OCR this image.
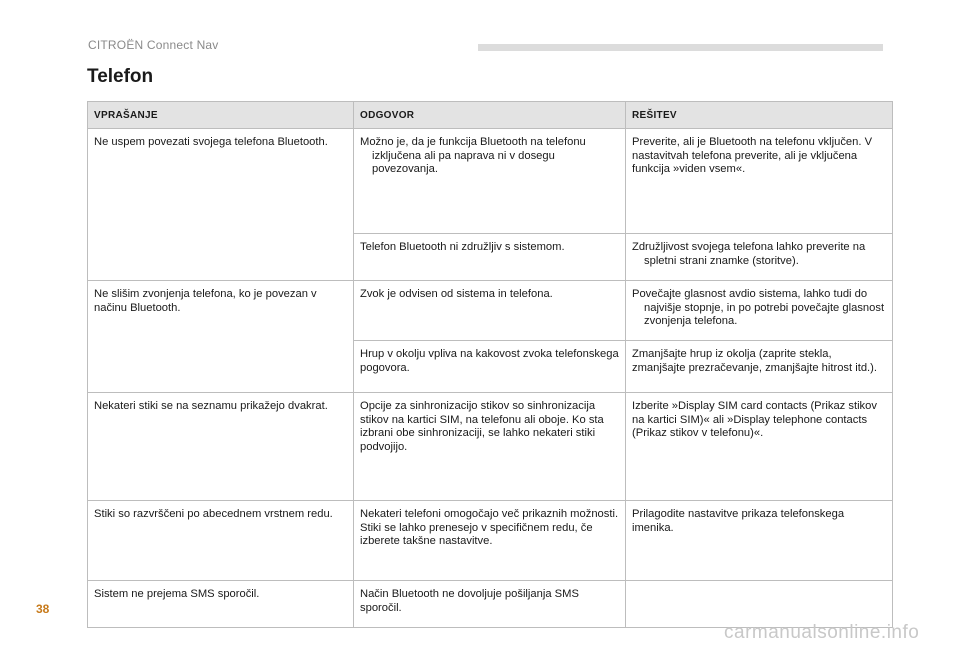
CITROËN Connect Nav
Telefon
VPRAŠANJE	ODGOVOR	REŠITEV
Ne uspem povezati svojega telefona Bluetooth.	Možno je, da je funkcija Bluetooth na telefonu izključena ali pa naprava ni v dosegu povezovanja.	Preverite, ali je Bluetooth na telefonu vključen. V nastavitvah telefona preverite, ali je vključena funkcija »viden vsem«.

	Telefon Bluetooth ni združljiv s sistemom.	Združljivost svojega telefona lahko preverite na spletni strani znamke (storitve).

Ne slišim zvonjenja telefona, ko je povezan v načinu Bluetooth.	Zvok je odvisen od sistema in telefona.	Povečajte glasnost avdio sistema, lahko tudi do najvišje stopnje, in po potrebi povečajte glasnost zvonjenja telefona.

	Hrup v okolju vpliva na kakovost zvoka telefonskega pogovora.	Zmanjšajte hrup iz okolja (zaprite stekla, zmanjšajte prezračevanje, zmanjšajte hitrost itd.).

Nekateri stiki se na seznamu prikažejo dvakrat.	Opcije za sinhronizacijo stikov so sinhronizacija stikov na kartici SIM, na telefonu ali oboje. Ko sta izbrani obe sinhronizaciji, se lahko nekateri stiki podvojijo.	Izberite »Display SIM card contacts (Prikaz stikov na kartici SIM)« ali »Display telephone contacts (Prikaz stikov v telefonu)«.

Stiki so razvrščeni po abecednem vrstnem redu.	Nekateri telefoni omogočajo več prikaznih možnosti. Stiki se lahko prenesejo v specifičnem redu, če izberete takšne nastavitve.	Prilagodite nastavitve prikaza telefonskega imenika.

Sistem ne prejema SMS sporočil.	Način Bluetooth ne dovoljuje pošiljanja SMS sporočil.	

38
carmanualsonline.info
